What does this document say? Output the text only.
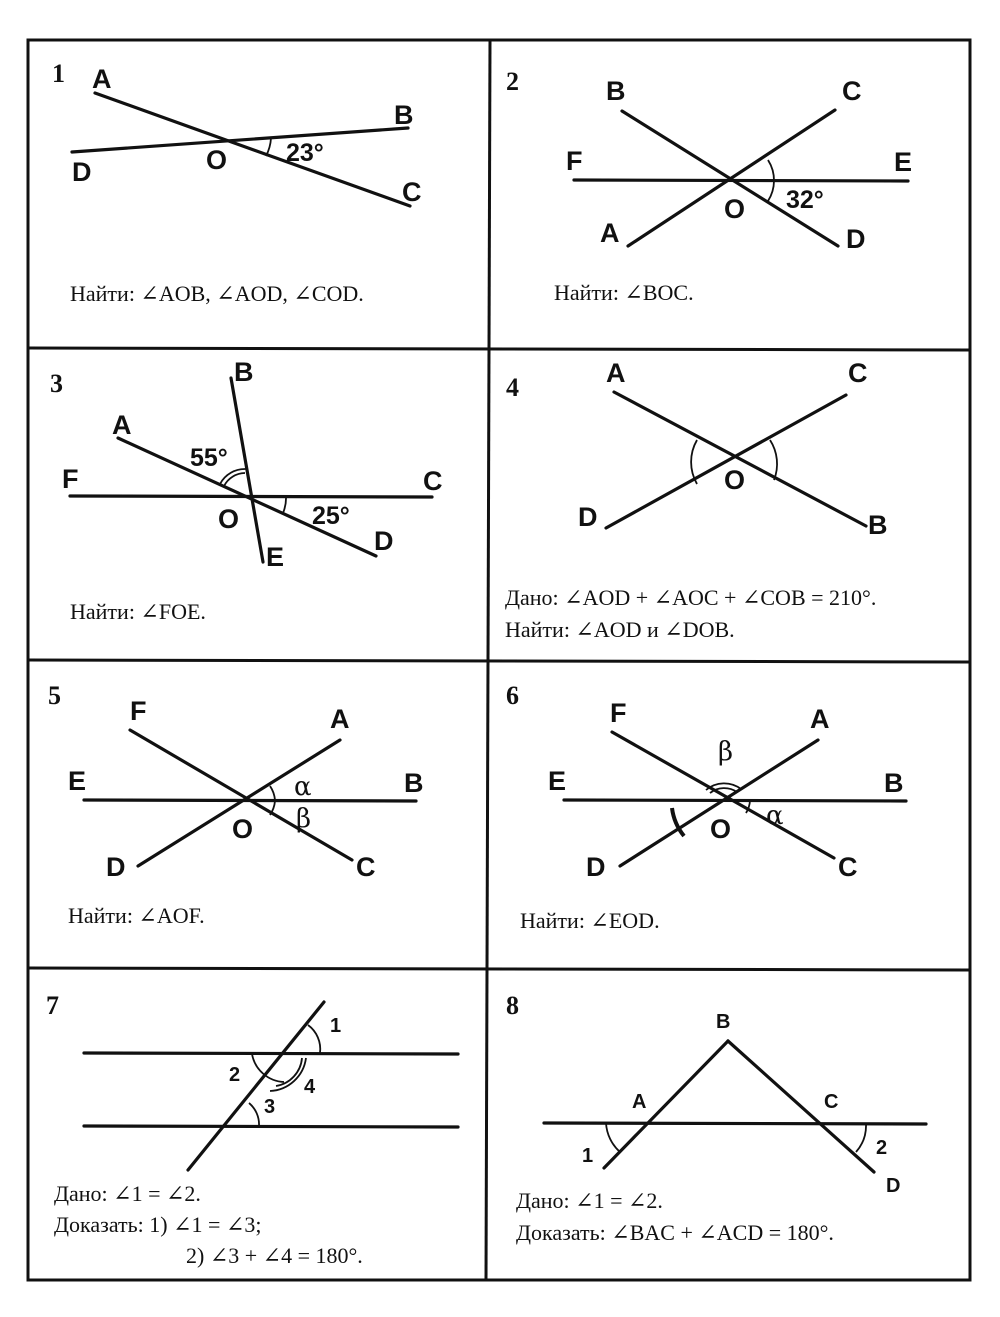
1 A
B
C
D	O 23°
Найти: ∠AOB, ∠AOD, ∠COD.
2	B	C
F	E
O
A	D
32°
Найти: ∠BOC.
3	B
A
F	C
O
E
D
55°
25°
Найти: ∠FOE.
4	A	C
O
D	B
Дано: ∠AOD + ∠AOC + ∠COB = 210°.
Найти: ∠AOD и ∠DOB.
5
F	A
E	B
O
D	C
α
β
Найти: ∠AOF.
6
F	A
β
E	B
O α
D	C
Найти: ∠EOD.
7
1
2
4
3
Дано: ∠1 = ∠2.
Доказать: 1) ∠1 = ∠3;
2) ∠3 + ∠4 = 180°.
8
B
A	C
1	2
D
Дано: ∠1 = ∠2.
Доказать: ∠BAC + ∠ACD = 180°.
